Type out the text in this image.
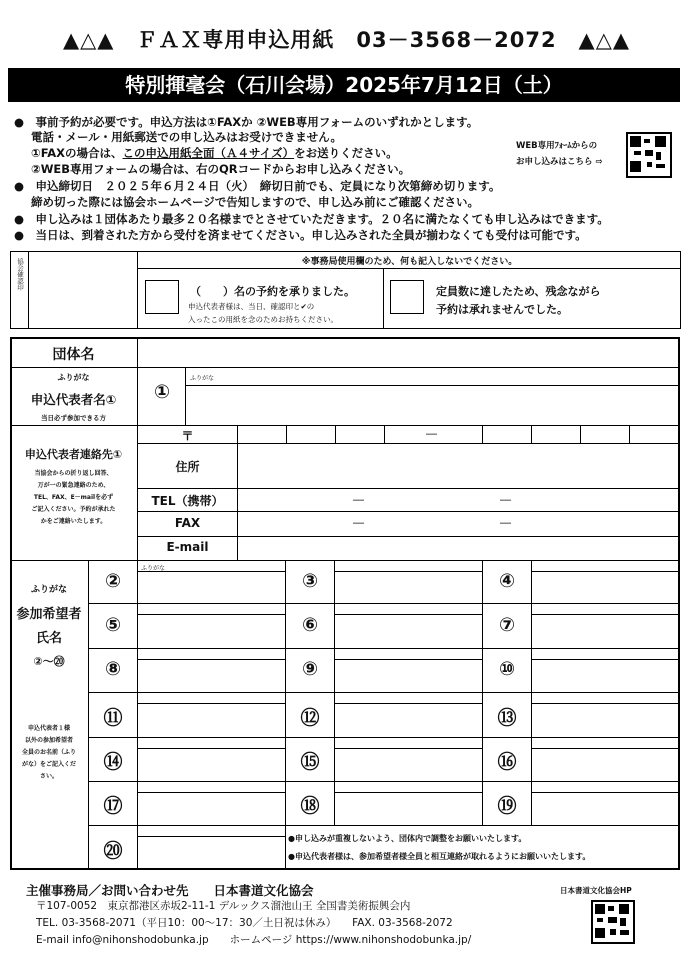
▲△▲　ＦＡＸ専用申込用紙　03－3568－2072　▲△▲
特別揮毫会（石川会場）2025年7月12日（土）
●　事前予約が必要です。申込方法は①FAXか ②WEB専用フォームのいずれかとします。
電話・メール・用紙郵送での申し込みはお受けできません。
①FAXの場合は、この申込用紙全面（Ａ４サイズ）をお送りください。
②WEB専用フォームの場合は、右のQRコードからお申し込みください。
●　申込締切日　２０２５年６月２４日（火）　締切日前でも、定員になり次第締め切ります。
締め切った際には協会ホームページで告知しますので、申し込み前にご確認ください。
●　申し込みは１団体あたり最多２０名様までとさせていただきます。２０名に満たなくても申し込みはできます。
●　当日は、到着された方から受付を済ませてください。申し込みされた全員が揃わなくても受付は可能です。
WEB専用ﾌｫｰﾑからの
お申し込みはこちら ⇨
協会確認印	※事務局使用欄のため、何も記入しないでください。
（　　）名の予約を承りました。
申込代表者様は、当日、確認印と✔の
入ったこの用紙を念のためお持ちください。
定員数に達したため、残念ながら
予約は承れませんでした。
団体名
ふりがな
申込代表者名①
当日必ず参加できる方
①
ふりがな
申込代表者連絡先①
当協会からの折り返し回答、
万が一の緊急連絡のため、
TEL、FAX、E－mailを必ず
ご記入ください。予約が承れた
かをご連絡いたします。
〒	―
住所
TEL（携帯）	―	―
FAX	―	―
E-mail
ふりがな
参加希望者
氏名
②～⑳
申込代表者１様
以外の参加希望者
全員のお名前（ふり
がな）をご記入くだ
さい。
ふりがな
②	③	④
⑤	⑥	⑦
⑧	⑨	⑩
⑪	⑫	⑬
⑭	⑮	⑯
⑰	⑱	⑲
⑳
●申し込みが重複しないよう、団体内で調整をお願いいたします。
●申込代表者様は、参加希望者様全員と相互連絡が取れるようにお願いいたします。
主催事務局／お問い合わせ先　　日本書道文化協会
〒107-0052　東京都港区赤坂2-11-1 デルックス溜池山王 全国書美術振興会内
TEL. 03-3568-2071（平日10：00～17：30／土日祝は休み）　　FAX. 03-3568-2072
E-mail info@nihonshodobunka.jp　　ホームページ https://www.nihonshodobunka.jp/
日本書道文化協会HP
